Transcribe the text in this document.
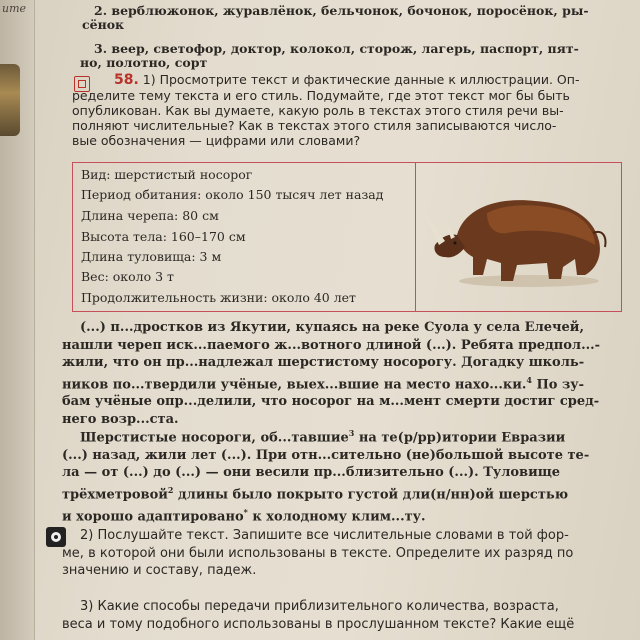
ите	2. верблюжонок, журавлёнок, бельчонок, бочонок, поросёнок, ры-

сёнок

3. веер, светофор, доктор, колокол, сторож, лагерь, паспорт, пят-

но, полотно, сорт

58. 1) Просмотрите текст и фактические данные к иллюстрации. Оп-
ределите тему текста и его стиль. Подумайте, где этот текст мог бы быть
опубликован. Как вы думаете, какую роль в текстах этого стиля речи вы-
полняют числительные? Как в текстах этого стиля записываются число-
вые обозначения — цифрами или словами?
Вид: шерстистый носорог
Период обитания: около 150 тысяч лет назад
Длина черепа: 80 см
Высота тела: 160–170 см
Длина туловища: 3 м
Вес: около 3 т
Продолжительность жизни: около 40 лет

(...) п...дростков из Якутии, купаясь на реке Суола у села Елечей,

нашли череп иск...паемого ж...вотного длиной (...). Ребята предпол...-

жили, что он пр...надлежал шерстистому носорогу. Догадку школь-

ников по...твердили учёные, выех...вшие на место нахо...ки.$^4$ По зу-

бам учёные опр...делили, что носорог на м...мент смерти достиг сред-

него возр...ста.

Шерстистые носороги, об...тавшие$^3$ на те(р/рр)итории Евразии

(...) назад, жили лет (...). При отн...сительно (не)большой высоте те-

ла — от (...) до (...) — они весили пр...близительно (...). Туловище

трёхметровой$^2$ длины было покрыто густой дли(н/нн)ой шерстью

и хорошо адаптировано* к холодному клим...ту.

2) Послушайте текст. Запишите все числительные словами в той фор-
ме, в которой они были использованы в тексте. Определите их разряд по
значению и составу, падеж.
3) Какие способы передачи приблизительного количества, возраста,
веса и тому подобного использованы в прослушанном тексте? Какие ещё
